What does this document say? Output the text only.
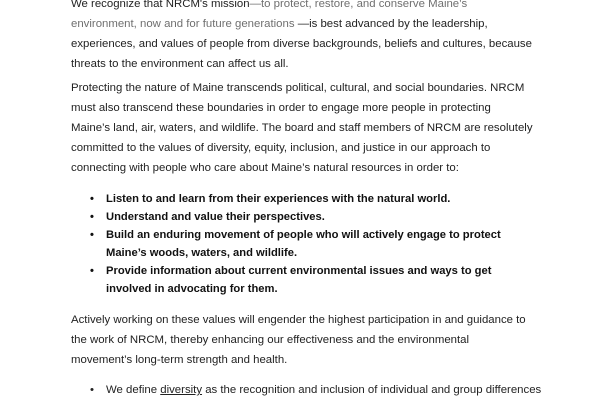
We recognize that NRCM's mission—to protect, restore, and conserve Maine’s environment, now and for future generations —is best advanced by the leadership, experiences, and values of people from diverse backgrounds, beliefs and cultures, because threats to the environment can affect us all.

Protecting the nature of Maine transcends political, cultural, and social boundaries. NRCM must also transcend these boundaries in order to engage more people in protecting Maine’s land, air, waters, and wildlife. The board and staff members of NRCM are resolutely committed to the values of diversity, equity, inclusion, and justice in our approach to connecting with people who care about Maine’s natural resources in order to:

• Listen to and learn from their experiences with the natural world.
• Understand and value their perspectives.
• Build an enduring movement of people who will actively engage to protect Maine’s woods, waters, and wildlife.
• Provide information about current environmental issues and ways to get involved in advocating for them.

Actively working on these values will engender the highest participation in and guidance to the work of NRCM, thereby enhancing our effectiveness and the environmental movement’s long-term strength and health.

• We define diversity as the recognition and inclusion of individual and group differences
